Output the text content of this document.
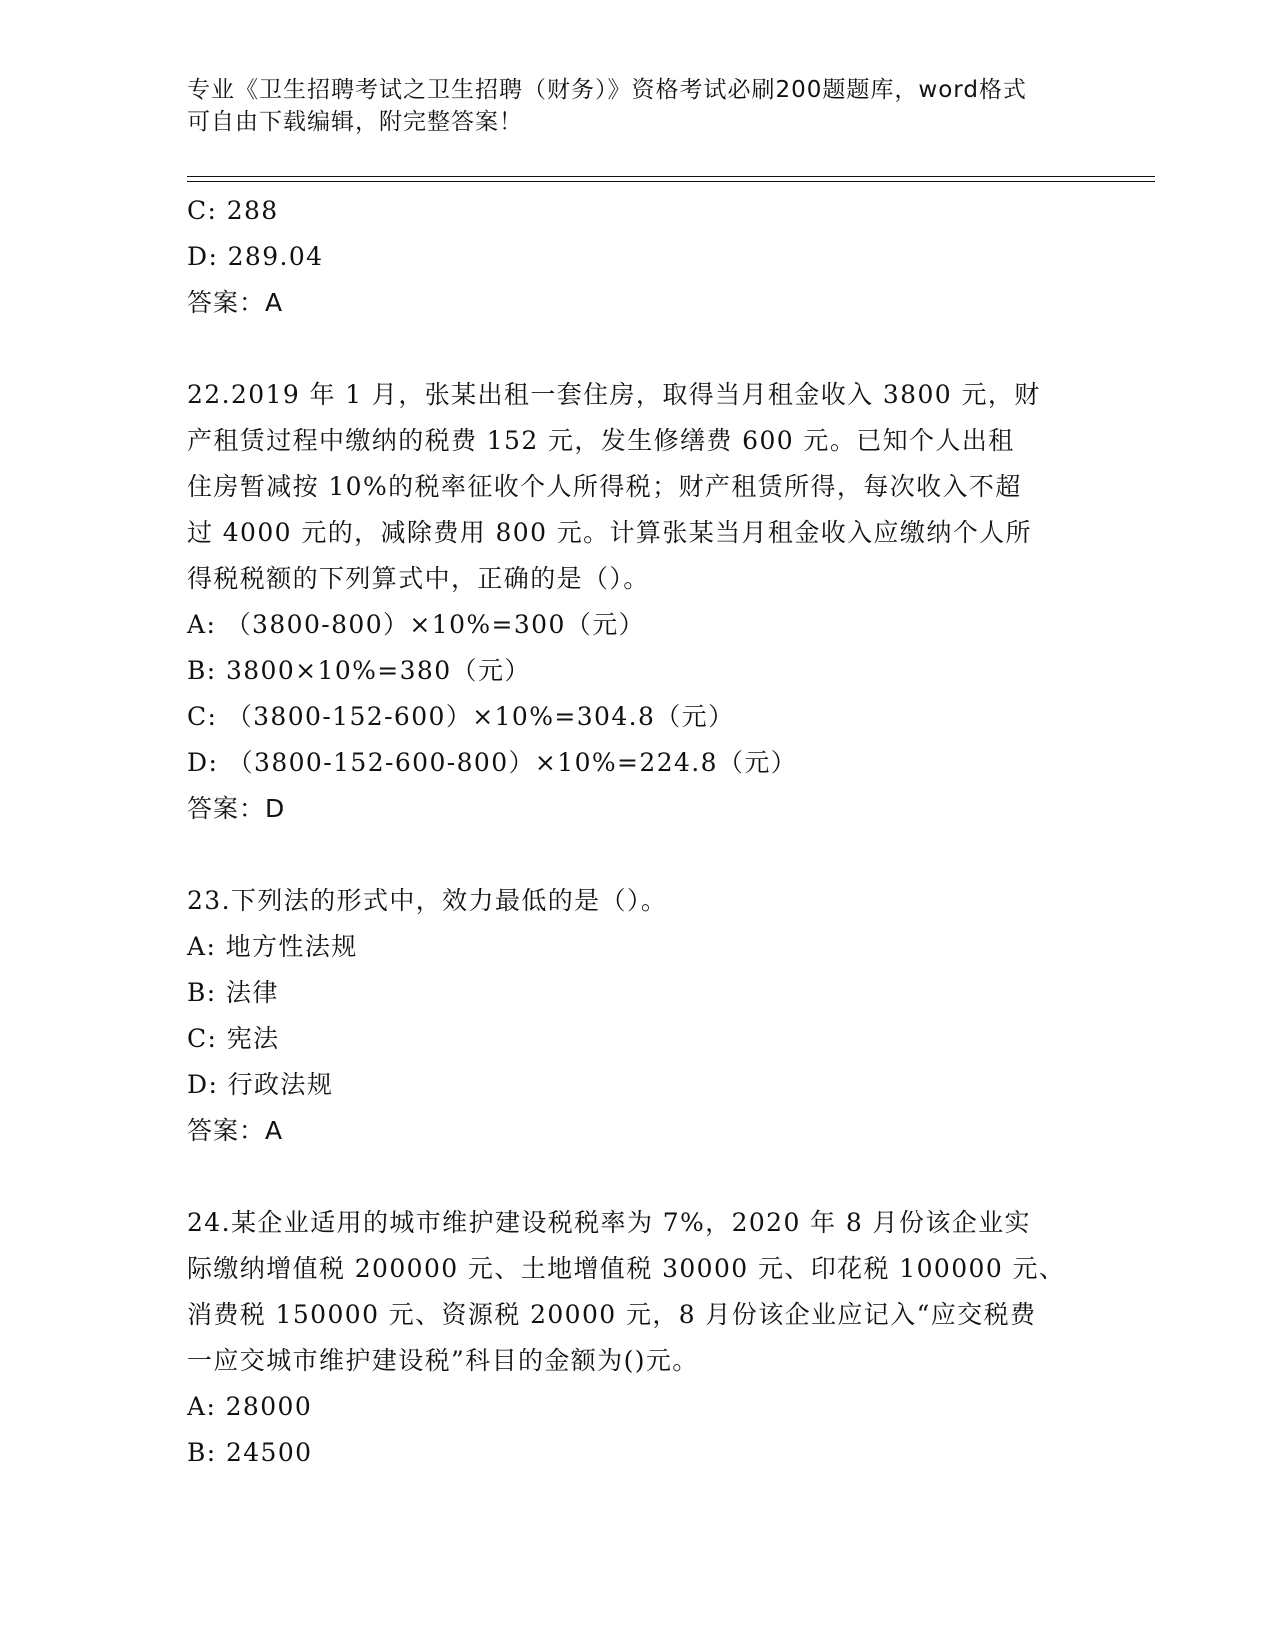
专业《卫生招聘考试之卫生招聘（财务）》资格考试必刷200题题库，word格式
可自由下载编辑，附完整答案！
C: 288
D: 289.04
答案：A
22.2019 年 1 月，张某出租一套住房，取得当月租金收入 3800 元，财
产租赁过程中缴纳的税费 152 元，发生修缮费 600 元。已知个人出租
住房暂减按 10%的税率征收个人所得税；财产租赁所得，每次收入不超
过 4000 元的，减除费用 800 元。计算张某当月租金收入应缴纳个人所
得税税额的下列算式中，正确的是（）。
A: （3800-800）×10%=300（元）
B: 3800×10%=380（元）
C: （3800-152-600）×10%=304.8（元）
D: （3800-152-600-800）×10%=224.8（元）
答案：D
23.下列法的形式中，效力最低的是（）。
A: 地方性法规
B: 法律
C: 宪法
D: 行政法规
答案：A
24.某企业适用的城市维护建设税税率为 7%，2020 年 8 月份该企业实
际缴纳增值税 200000 元、土地增值税 30000 元、印花税 100000 元、
消费税 150000 元、资源税 20000 元，8 月份该企业应记入“应交税费
一应交城市维护建设税”科目的金额为()元。
A: 28000
B: 24500
